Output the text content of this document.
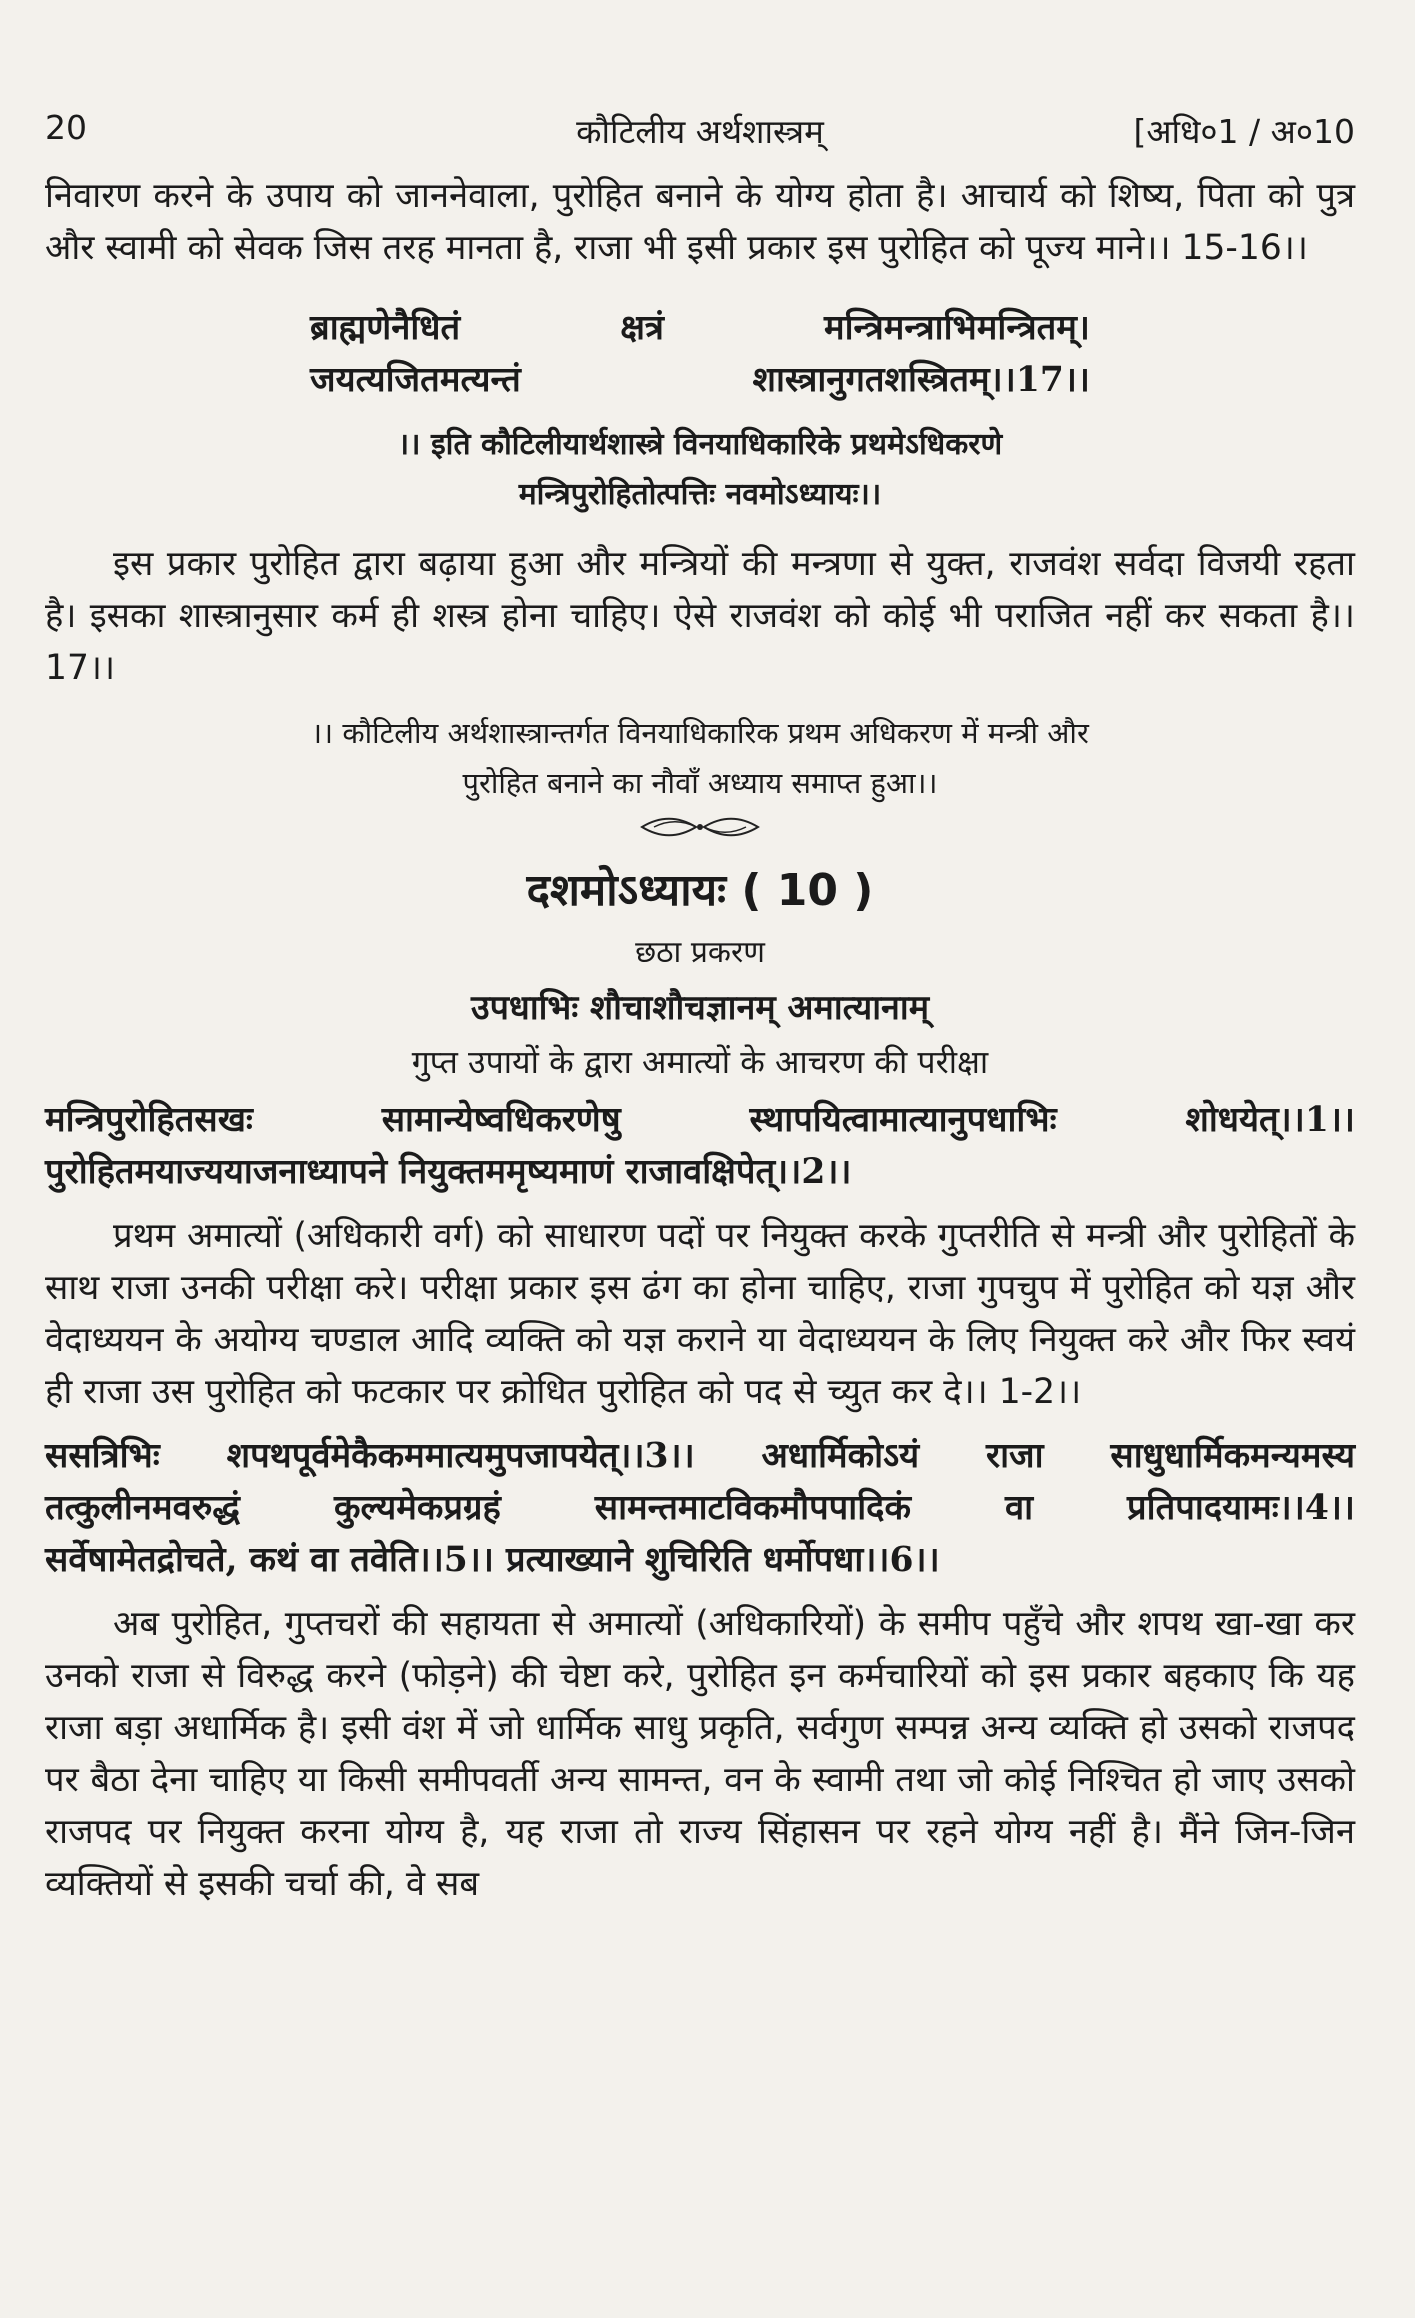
20	कौटिलीय अर्थशास्त्रम्	[अधि०1 / अ०10

निवारण करने के उपाय को जाननेवाला, पुरोहित बनाने के योग्य होता है। आचार्य को शिष्य, पिता को पुत्र और स्वामी को सेवक जिस तरह मानता है, राजा भी इसी प्रकार इस पुरोहित को पूज्य माने।। 15-16।।

ब्राह्मणेनैधितं	क्षत्रं	मन्त्रिमन्त्राभिमन्त्रितम्।
जयत्यजितमत्यन्तं	शास्त्रानुगतशस्त्रितम्।।17।।
।। इति कौटिलीयार्थशास्त्रे विनयाधिकारिके प्रथमेऽधिकरणे
मन्त्रिपुरोहितोत्पत्तिः नवमोऽध्यायः।।

इस प्रकार पुरोहित द्वारा बढ़ाया हुआ और मन्त्रियों की मन्त्रणा से युक्त, राजवंश सर्वदा विजयी रहता है। इसका शास्त्रानुसार कर्म ही शस्त्र होना चाहिए। ऐसे राजवंश को कोई भी पराजित नहीं कर सकता है।। 17।।

।। कौटिलीय अर्थशास्त्रान्तर्गत विनयाधिकारिक प्रथम अधिकरण में मन्त्री और
पुरोहित बनाने का नौवाँ अध्याय समाप्त हुआ।।

दशमोऽध्यायः ( 10 )

छठा प्रकरण

उपधाभिः शौचाशौचज्ञानम् अमात्यानाम्

गुप्त उपायों के द्वारा अमात्यों के आचरण की परीक्षा

मन्त्रिपुरोहितसखः सामान्येष्वधिकरणेषु स्थापयित्वामात्यानुपधाभिः शोधयेत्।।1।।

पुरोहितमयाज्ययाजनाध्यापने नियुक्तममृष्यमाणं राजावक्षिपेत्।।2।।

प्रथम अमात्यों (अधिकारी वर्ग) को साधारण पदों पर नियुक्त करके गुप्तरीति से मन्त्री और पुरोहितों के साथ राजा उनकी परीक्षा करे। परीक्षा प्रकार इस ढंग का होना चाहिए, राजा गुपचुप में पुरोहित को यज्ञ और वेदाध्ययन के अयोग्य चण्डाल आदि व्यक्ति को यज्ञ कराने या वेदाध्ययन के लिए नियुक्त करे और फिर स्वयं ही राजा उस पुरोहित को फटकार पर क्रोधित पुरोहित को पद से च्युत कर दे।। 1-2।।

ससत्रिभिः शपथपूर्वमेकैकममात्यमुपजापयेत्।।3।। अधार्मिकोऽयं राजा साधुधार्मिकमन्यमस्य

तत्कुलीनमवरुद्धं कुल्यमेकप्रग्रहं सामन्तमाटविकमौपपादिकं वा प्रतिपादयामः।।4।।

सर्वेषामेतद्रोचते, कथं वा तवेति।।5।। प्रत्याख्याने शुचिरिति धर्मोपधा।।6।।

अब पुरोहित, गुप्तचरों की सहायता से अमात्यों (अधिकारियों) के समीप पहुँचे और शपथ खा-खा कर उनको राजा से विरुद्ध करने (फोड़ने) की चेष्टा करे, पुरोहित इन कर्मचारियों को इस प्रकार बहकाए कि यह राजा बड़ा अधार्मिक है। इसी वंश में जो धार्मिक साधु प्रकृति, सर्वगुण सम्पन्न अन्य व्यक्ति हो उसको राजपद पर बैठा देना चाहिए या किसी समीपवर्ती अन्य सामन्त, वन के स्वामी तथा जो कोई निश्चित हो जाए उसको राजपद पर नियुक्त करना योग्य है, यह राजा तो राज्य सिंहासन पर रहने योग्य नहीं है। मैंने जिन-जिन व्यक्तियों से इसकी चर्चा की, वे सब
